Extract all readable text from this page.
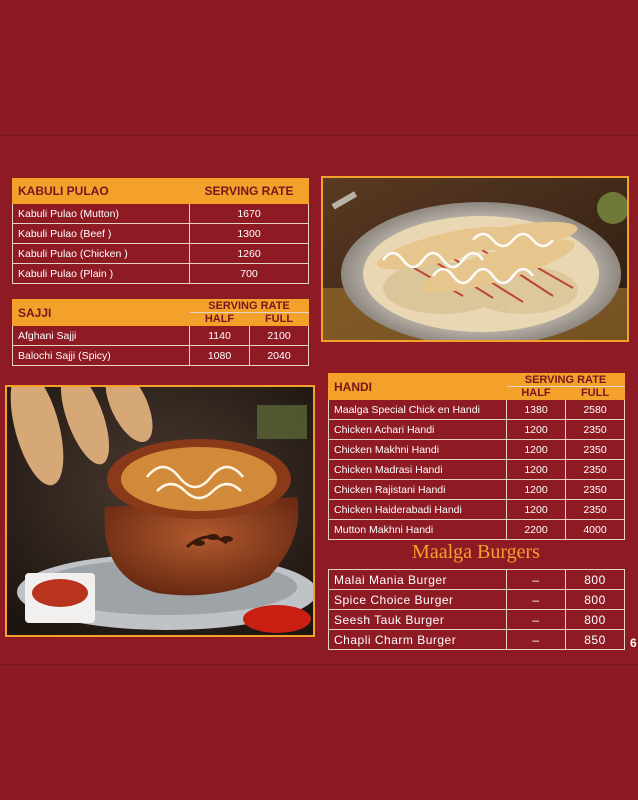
KABULI PULAO	SERVING RATE
Kabuli Pulao (Mutton)	1670
Kabuli Pulao (Beef )	1300
Kabuli Pulao (Chicken )	1260
Kabuli Pulao (Plain )	700
SAJJI	SERVING RATE	
	HALF	FULL
Afghani Sajji	1140	2100
Balochi Sajji (Spicy)	1080	2040
HANDI	SERVING RATE	
	HALF	FULL
Maalga Special Chick en Handi	1380	2580
Chicken Achari Handi	1200	2350
Chicken Makhni Handi	1200	2350
Chicken Madrasi Handi	1200	2350
Chicken Rajistani Handi	1200	2350
Chicken Haiderabadi Handi	1200	2350
Mutton Makhni Handi	2200	4000
Maalga Burgers
Malai Mania Burger	–	800
Spice Choice Burger	–	800
Seesh Tauk Burger	–	800
Chapli Charm Burger	–	850 6
